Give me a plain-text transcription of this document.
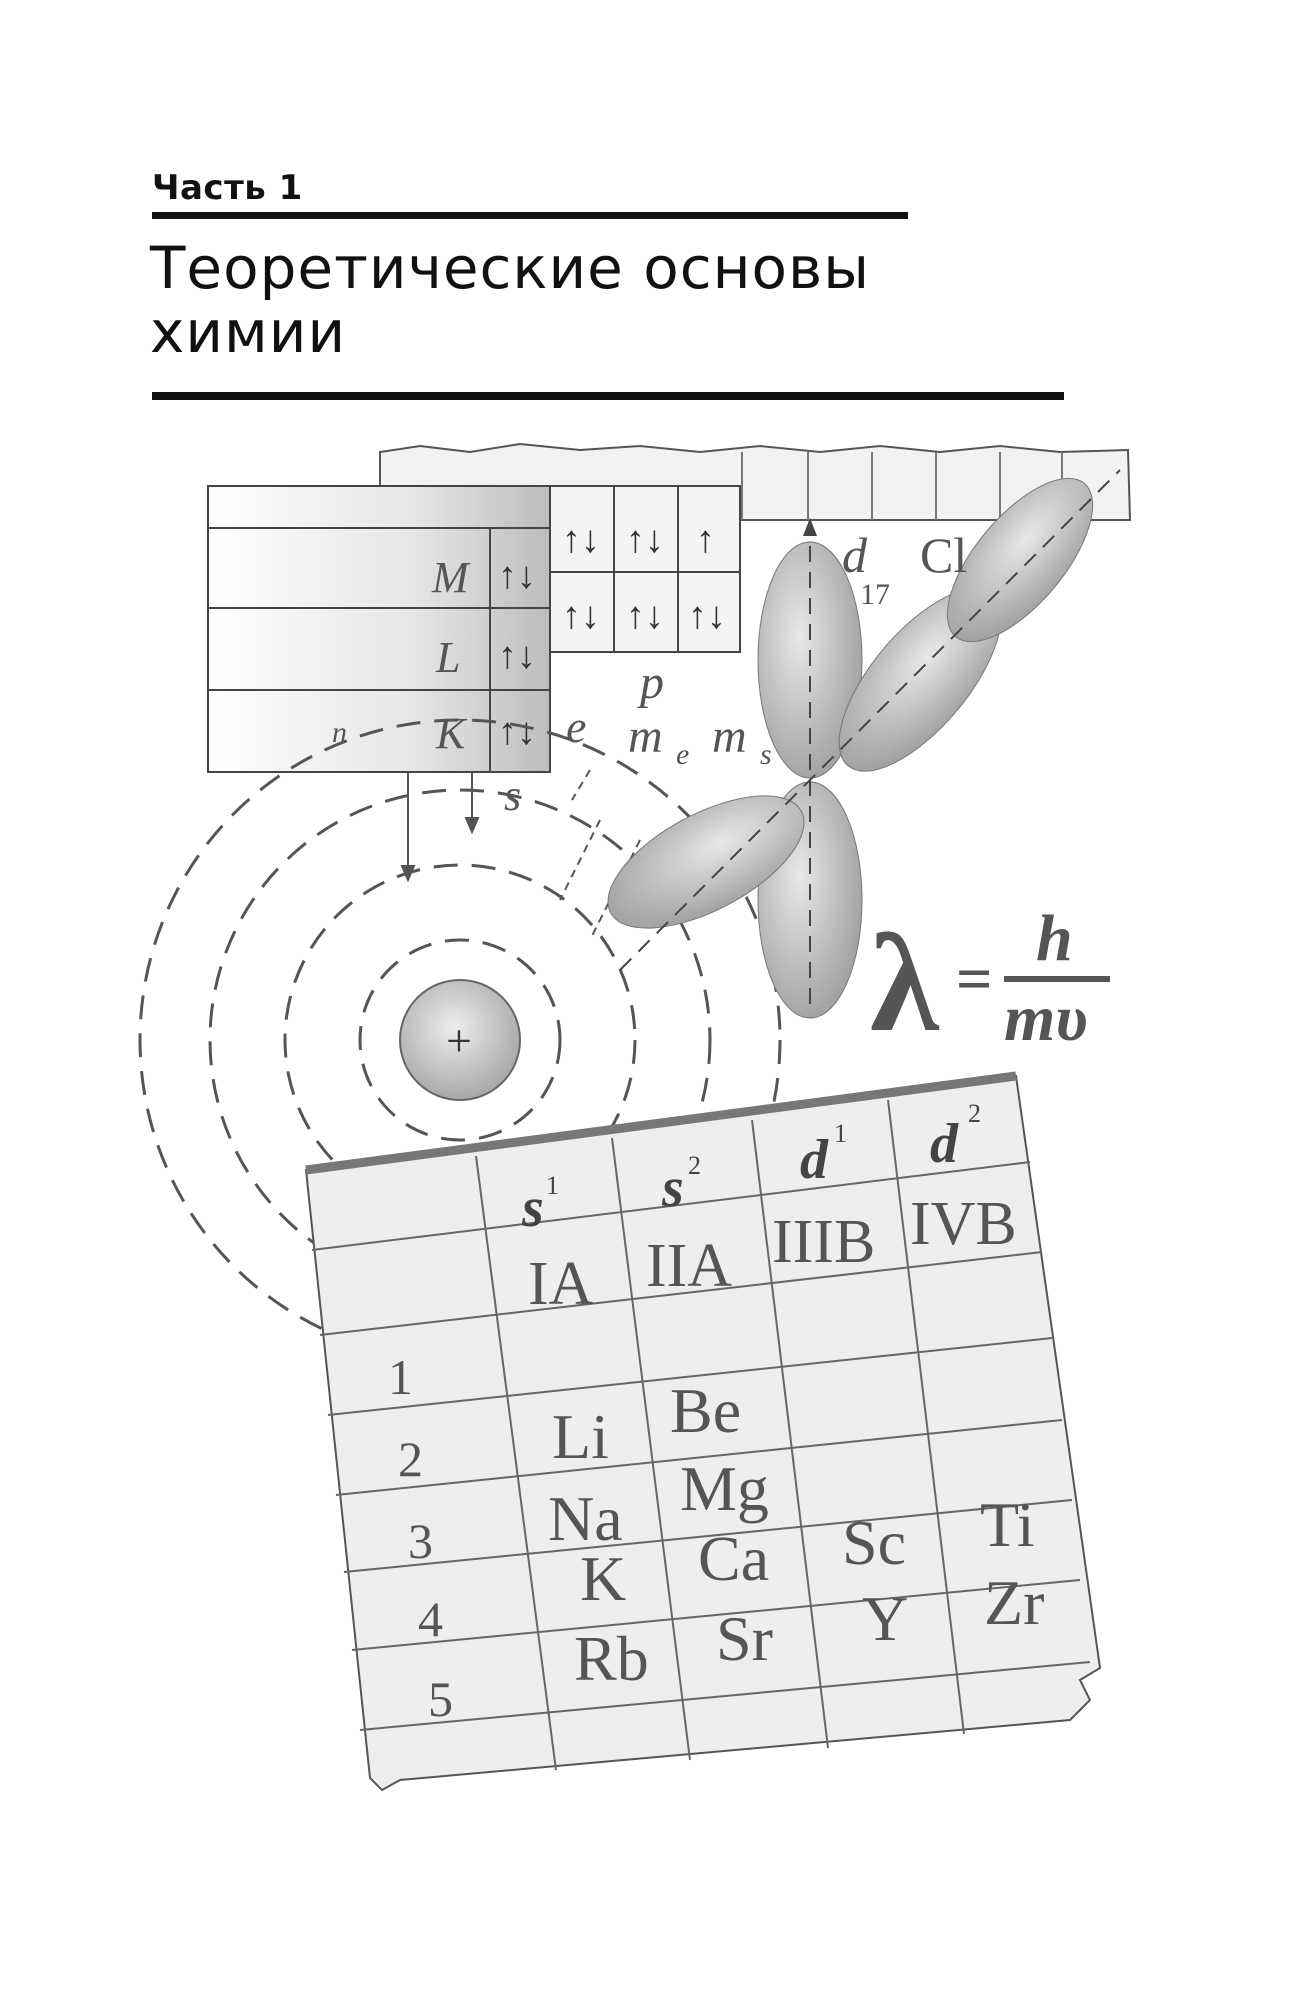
Часть 1
Теоретические основы
химии
M
L
K
n
↑↓
↑↓
↑↓
↑↓ ↑↓ ↑
↑↓ ↑↓ ↑↓
e m e m s
p
s
+
d
17
Cl
λ =
h
mυ
s s d d
1
2
1
2
IA IIA IIIB IVB
1
2
3
4
5
Li Be
Na Mg
K Ca Sc Ti
Rb Sr Y Zr
